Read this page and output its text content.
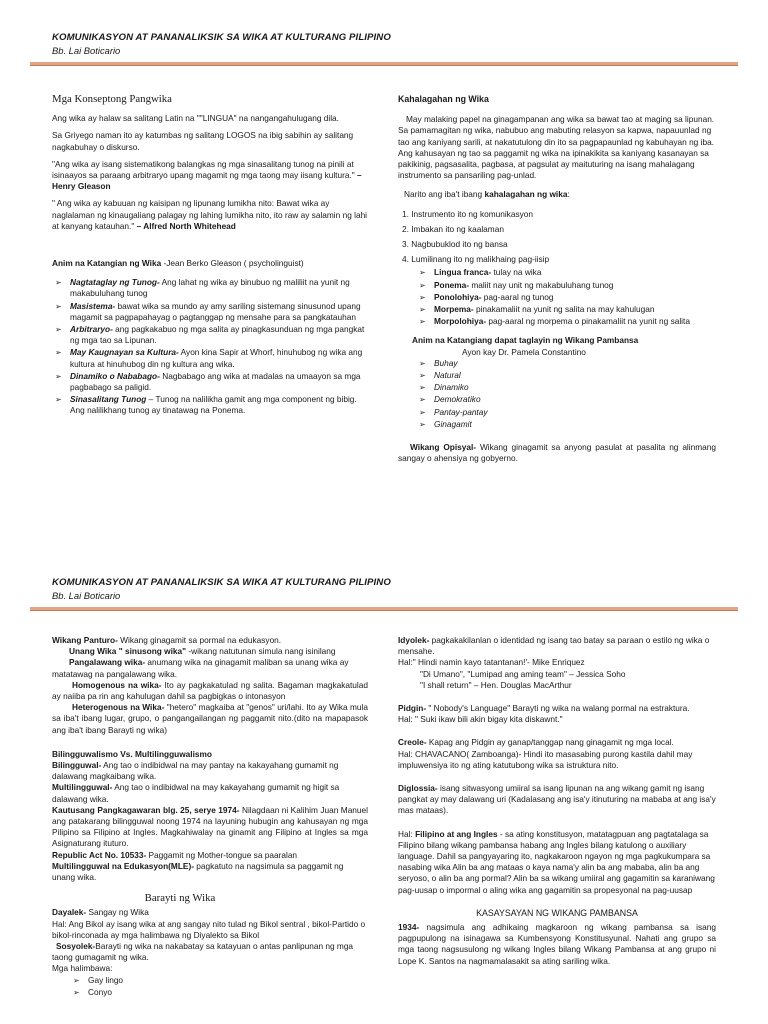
KOMUNIKASYON AT PANANALIKSIK SA WIKA AT KULTURANG PILIPINO
Bb. Lai Boticario
Mga Konseptong Pangwika

Ang wika ay halaw sa salitang Latin na ""LINGUA" na nangangahulugang dila.

Sa Griyego naman ito ay katumbas ng salitang LOGOS na ibig sabihin ay salitang nagkabuhay o diskurso.

"Ang wika ay isang sistematikong balangkas ng mga sinasalitang tunog na pinili at isinaayos sa paraang arbitraryo upang magamit ng mga taong may iisang kultura." – Henry Gleason

" Ang wika ay kabuuan ng kaisipan ng lipunang lumikha nito: Bawat wika ay naglalaman ng kinaugaliang palagay ng lahing lumikha nito, ito raw ay salamin ng lahi at kanyang katauhan." – Alfred North Whitehead

Anim na Katangian ng Wika -Jean Berko Gleason ( psycholinguist)

➢ Nagtataglay ng Tunog- Ang lahat ng wika ay binubuo ng maliliit na yunit ng makabuluhang tunog
➢ Masistema- bawat wika sa mundo ay amy sariling sistemang sinusunod upang magamit sa pagpapahayag o pagtanggap ng mensahe para sa pangkatauhan
➢ Arbitraryo- ang pagkakabuo ng mga salita ay pinagkasunduan ng mga pangkat ng mga tao sa Lipunan.
➢ May Kaugnayan sa Kultura- Ayon kina Sapir at Whorf, hinuhubog ng wika ang kultura at hinuhubog din ng kultura ang wika.
➢ Dinamiko o Nababago- Nagbabago ang wika at madalas na umaayon sa mga pagbabago sa paligid.
➢ Sinasalitang Tunog – Tunog na nalilikha gamit ang mga component ng bibig. Ang nalilikhang tunog ay tinatawag na Ponema.
Kahalagahan ng Wika

May malaking papel na ginagampanan ang wika sa bawat tao at maging sa lipunan. Sa pamamagitan ng wika, nabubuo ang mabuting relasyon sa kapwa, napauunlad ng tao ang kaniyang sarili, at nakatutulong din ito sa pagpapaunlad ng kabuhayan ng iba. Ang kahusayan ng tao sa paggamit ng wika na ipinakikita sa kaniyang kasanayan sa pakikinig, pagsasalita, pagbasa, at pagsulat ay maituturing na isang mahalagang instrumento sa pansariling pag-unlad.

Narito ang iba't ibang kahalagahan ng wika:

1. Instrumento ito ng komunikasyon
2. Imbakan ito ng kaalaman
3. Nagbubuklod ito ng bansa
4. Lumilinang ito ng malikhaing pag-iisip
➢ Lingua franca- tulay na wika
➢ Ponema- maliit nay unit ng makabuluhang tunog
➢ Ponolohiya- pag-aaral ng tunog
➢ Morpema- pinakamaliit na yunit ng salita na may kahulugan
➢ Morpolohiya- pag-aaral ng morpema o pinakamaliit na yunit ng salita
Anim na Katangiang dapat taglayin ng Wikang Pambansa
Ayon kay Dr. Pamela Constantino
➢ Buhay
➢ Natural
➢ Dinamiko
➢ Demokratiko
➢ Pantay-pantay
➢ Ginagamit

Wikang Opisyal- Wikang ginagamit sa anyong pasulat at pasalita ng alinmang sangay o ahensiya ng gobyerno.

KOMUNIKASYON AT PANANALIKSIK SA WIKA AT KULTURANG PILIPINO
Bb. Lai Boticario
Wikang Panturo- Wikang ginagamit sa pormal na edukasyon.
Unang Wika " sinusong wika" -wikang natutunan simula nang isinilang
Pangalawang wika- anumang wika na ginagamit maliban sa unang wika ay matatawag na pangalawang wika.
Homogenous na wika- Ito ay pagkakatulad ng salita. Bagaman magkakatulad ay naiiba pa rin ang kahulugan dahil sa pagbigkas o intonasyon
Heterogenous na Wika- "hetero" magkaiba at "genos" uri/lahi. Ito ay Wika mula sa iba't ibang lugar, grupo, o pangangailangan ng paggamit nito.(dito na mapapasok ang iba't ibang Barayti ng wika)
Bilingguwalismo Vs. Multilingguwalismo
Bilingguwal- Ang tao o indibidwal na may pantay na kakayahang gumamit ng dalawang magkaibang wika.
Multilingguwal- Ang tao o indibidwal na may kakayahang gumamit ng higit sa dalawang wika.
Kautusang Pangkagawaran blg. 25, serye 1974- Nilagdaan ni Kalihim Juan Manuel ang patakarang bilingguwal noong 1974 na layuning hubugin ang kahusayan ng mga Pilipino sa Filipino at Ingles. Magkahiwalay na ginamit ang Filipino at Ingles sa mga Asignaturang ituturo.
Republic Act No. 10533- Paggamit ng Mother-tongue sa paaralan
Multilingguwal na Edukasyon(MLE)- pagkatuto na nagsimula sa paggamit ng unang wika.
Barayti ng Wika
Dayalek- Sangay ng Wika
Hal: Ang Bikol ay isang wika at ang sangay nito tulad ng Bikol sentral , bikol-Partido o bikol-rinconada ay mga halimbawa ng Diyalekto sa Bikol
Sosyolek-Barayti ng wika na nakabatay sa katayuan o antas panlipunan ng mga taong gumagamit ng wika.
Mga halimbawa:
➢ Gay lingo
➢ Conyo
Idyolek- pagkakakilanlan o identidad ng isang tao batay sa paraan o estilo ng wika o mensahe.
Hal:" Hindi namin kayo tatantanan!'- Mike Enriquez
"Di Umano", "Lumipad ang aming team" – Jessica Soho
"I shall return" – Hen. Douglas MacArthur
Pidgin- " Nobody's Language" Barayti ng wika na walang pormal na estraktura.
Hal: " Suki ikaw bili akin bigay kita diskawnt."
Creole- Kapag ang Pidgin ay ganap/tanggap nang ginagamit ng mga local.
Hal: CHAVACANO( Zamboanga)- Hindi ito masasabing purong kastila dahil may impluwensiya ito ng ating katutubong wika sa istruktura nito.
Diglossia- isang sitwasyong umiiral sa isang lipunan na ang wikang gamit ng isang pangkat ay may dalawang uri (Kadalasang ang isa'y itinuturing na mababa at ang isa'y mas mataas).
Hal: Filipino at ang Ingles - sa ating konstitusyon, matatagpuan ang pagtatalaga sa Filipino bilang wikang pambansa habang ang Ingles bilang katulong o auxiliary language. Dahil sa pangyayaring ito, nagkakaroon ngayon ng mga pagkukumpara sa nasabing wika Alin ba ang mataas o kaya nama'y alin ba ang mababa, alin ba ang seryoso, o alin ba ang pormal? Alin ba sa wikang umiiral ang gagamitin sa karaniwang pag-uusap o impormal o aling wika ang gagamitin sa propesyonal na pag-uusap
KASAYSAYAN NG WIKANG PAMBANSA
1934- nagsimula ang adhikaing magkaroon ng wikang pambansa sa isang pagpupulong na isinagawa sa Kumbensyong Konstitusyunal. Nahati ang grupo sa mga taong nagsusulong ng wikang Ingles bilang Wikang Pambansa at ang grupo ni Lope K. Santos na nagmamalasakit sa ating sariling wika.
